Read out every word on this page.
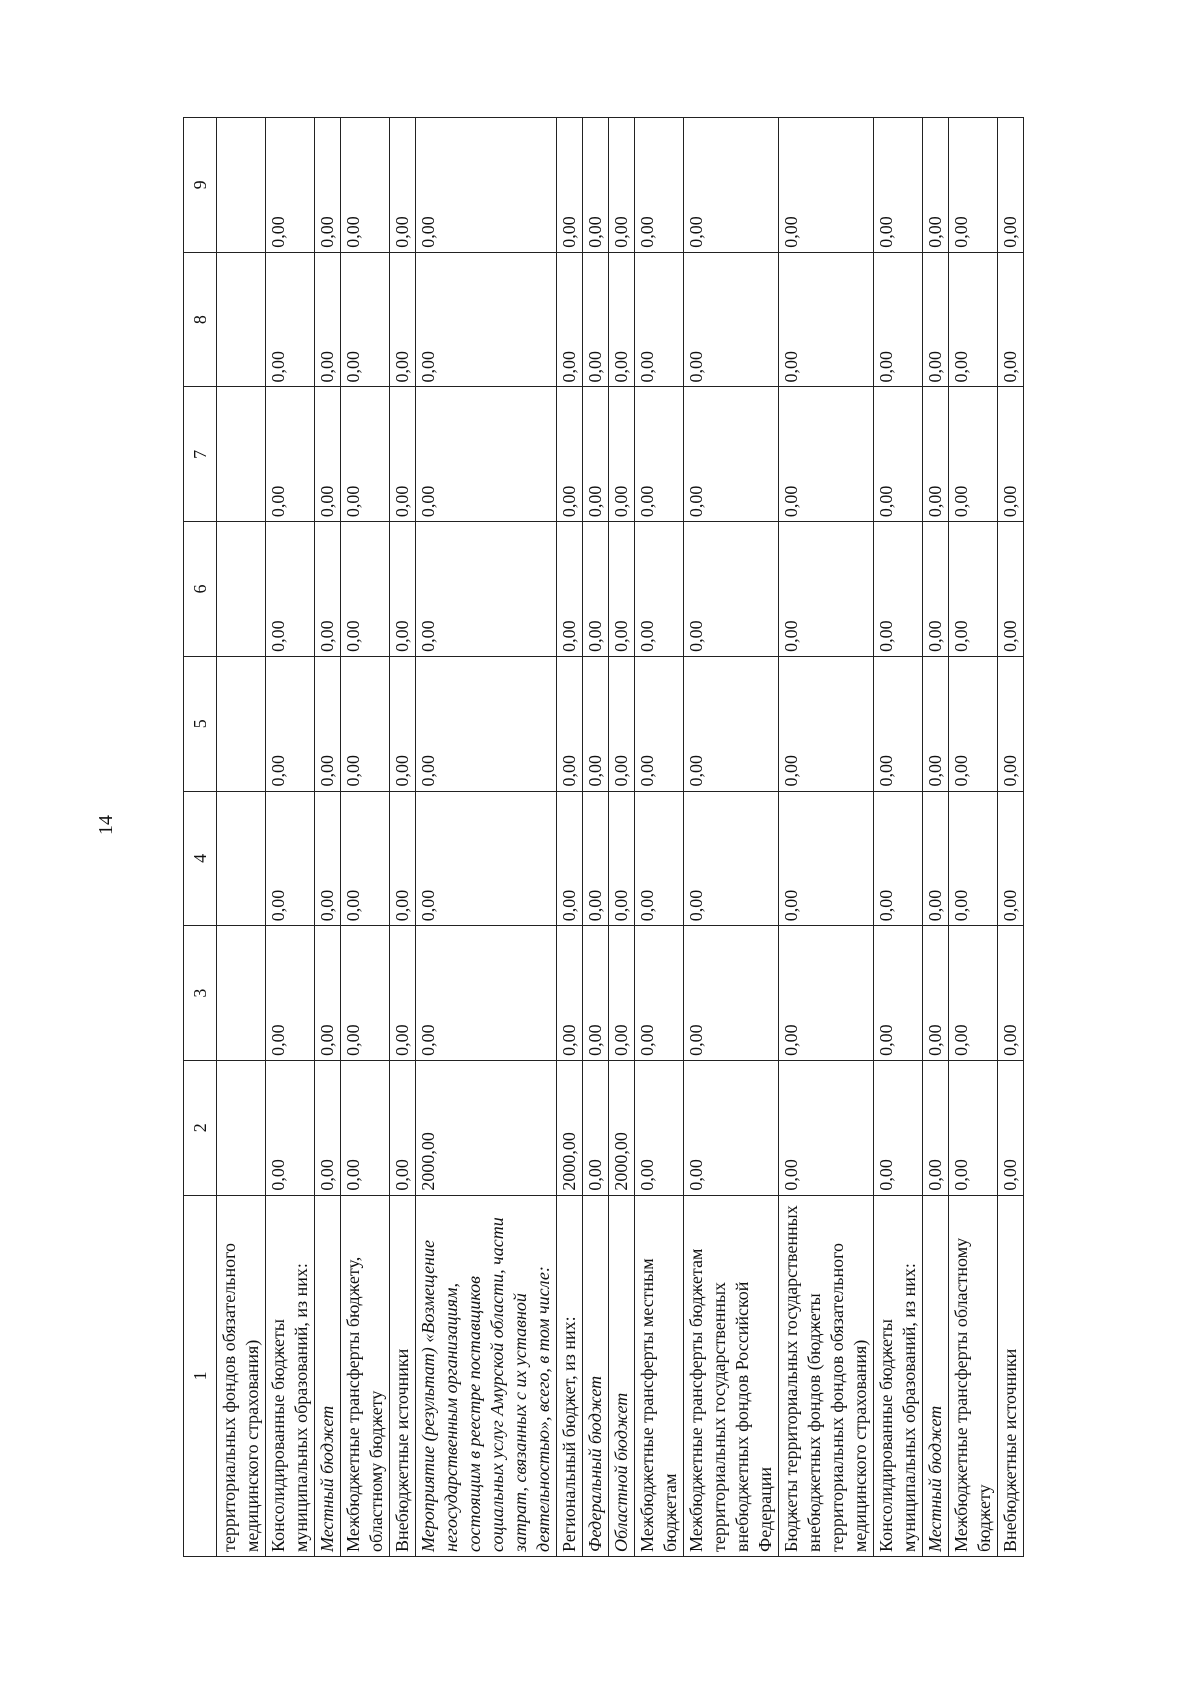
14
1	2	3	4	5	6	7	8	9
территориальных фондов обязательного медицинского страхования)								
Консолидированные бюджеты муниципальных образований, из них:	0,00	0,00	0,00	0,00	0,00	0,00	0,00	0,00
Местный бюджет	0,00	0,00	0,00	0,00	0,00	0,00	0,00	0,00
Межбюджетные трансферты бюджету, областному бюджету	0,00	0,00	0,00	0,00	0,00	0,00	0,00	0,00
Внебюджетные источники	0,00	0,00	0,00	0,00	0,00	0,00	0,00	0,00
Мероприятие (результат) «Возмещение негосударственным организациям, состоящим в реестре поставщиков социальных услуг Амурской области, части затрат, связанных с их уставной деятельностью», всего, в том числе:	2000,00	0,00	0,00	0,00	0,00	0,00	0,00	0,00
Региональный бюджет, из них:	2000,00	0,00	0,00	0,00	0,00	0,00	0,00	0,00
Федеральный бюджет	0,00	0,00	0,00	0,00	0,00	0,00	0,00	0,00
Областной бюджет	2000,00	0,00	0,00	0,00	0,00	0,00	0,00	0,00
Межбюджетные трансферты местным бюджетам	0,00	0,00	0,00	0,00	0,00	0,00	0,00	0,00
Межбюджетные трансферты бюджетам территориальных государственных внебюджетных фондов Российской Федерации	0,00	0,00	0,00	0,00	0,00	0,00	0,00	0,00
Бюджеты территориальных государственных внебюджетных фондов (бюджеты территориальных фондов обязательного медицинского страхования)	0,00	0,00	0,00	0,00	0,00	0,00	0,00	0,00
Консолидированные бюджеты муниципальных образований, из них:	0,00	0,00	0,00	0,00	0,00	0,00	0,00	0,00
Местный бюджет	0,00	0,00	0,00	0,00	0,00	0,00	0,00	0,00
Межбюджетные трансферты областному бюджету	0,00	0,00	0,00	0,00	0,00	0,00	0,00	0,00
Внебюджетные источники	0,00	0,00	0,00	0,00	0,00	0,00	0,00	0,00
